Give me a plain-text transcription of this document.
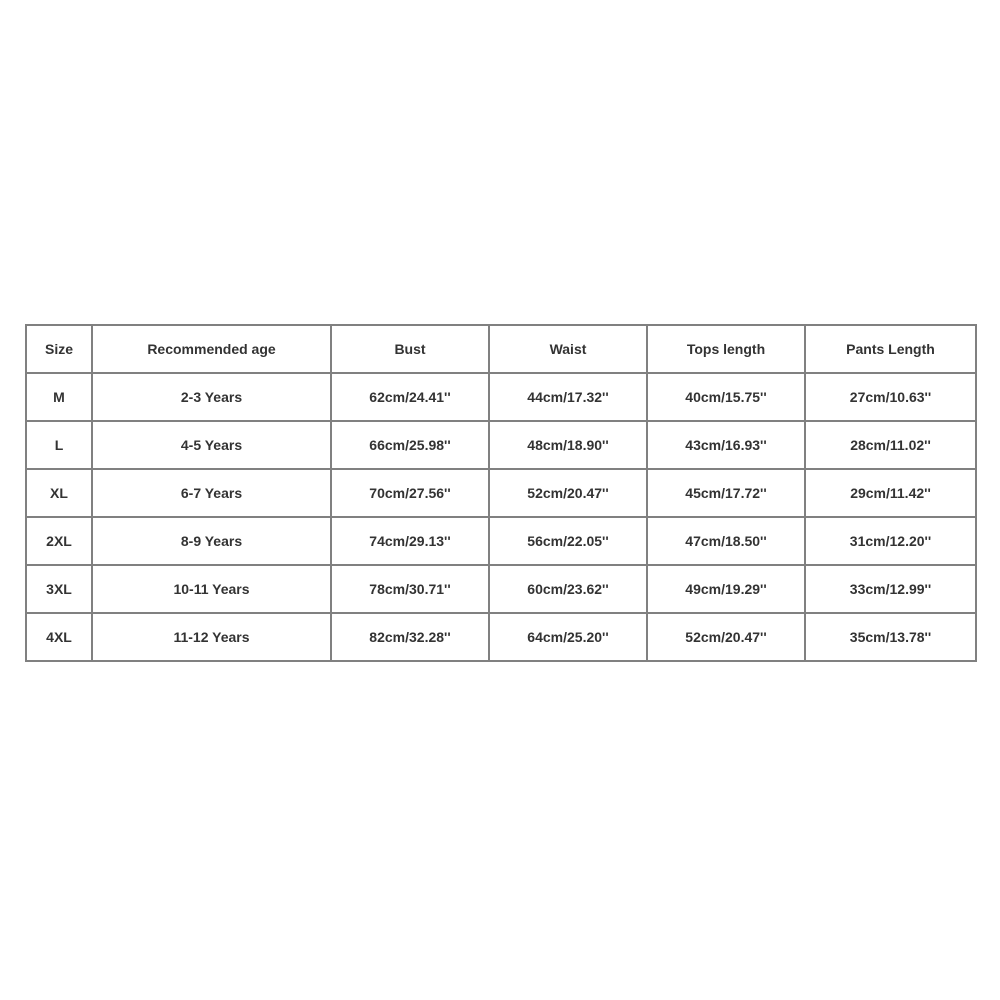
Size	Recommended age	Bust	Waist	Tops length	Pants Length
M	2-3 Years	62cm/24.41''	44cm/17.32''	40cm/15.75''	27cm/10.63''
L	4-5 Years	66cm/25.98''	48cm/18.90''	43cm/16.93''	28cm/11.02''
XL	6-7 Years	70cm/27.56''	52cm/20.47''	45cm/17.72''	29cm/11.42''
2XL	8-9 Years	74cm/29.13''	56cm/22.05''	47cm/18.50''	31cm/12.20''
3XL	10-11 Years	78cm/30.71''	60cm/23.62''	49cm/19.29''	33cm/12.99''
4XL	11-12 Years	82cm/32.28''	64cm/25.20''	52cm/20.47''	35cm/13.78''
